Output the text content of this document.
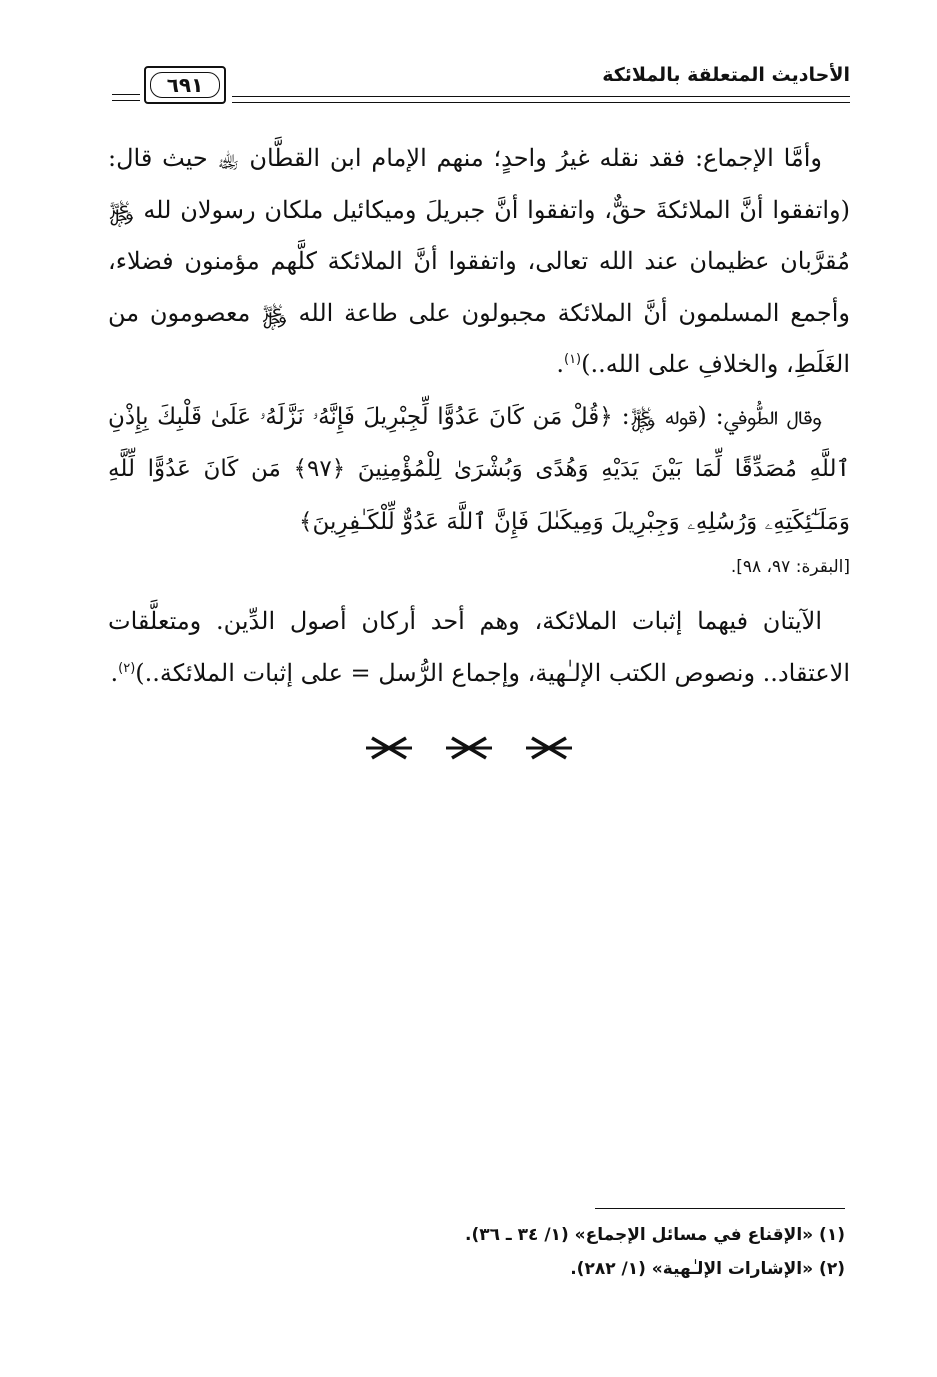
٦٩١	الأحاديث المتعلقة بالملائكة

وأمَّا الإجماع: فقد نقله غيرُ واحدٍ؛ منهم الإمام ابن القطَّان ﵀ حيث قال: (واتفقوا أنَّ الملائكةَ حقٌّ، واتفقوا أنَّ جبريلَ وميكائيل ملكان رسولان لله ﷿ مُقرَّبان عظيمان عند الله تعالى، واتفقوا أنَّ الملائكة كلَّهم مؤمنون فضلاء، وأجمع المسلمون أنَّ الملائكة مجبولون على طاعة الله ﷿ معصومون من الغَلَطِ، والخلافِ على الله..)$^{(١)}$.

وقال الطُّوفي: (قوله ﷿: ﴿قُلْ مَن كَانَ عَدُوًّا لِّجِبْرِيلَ فَإِنَّهُۥ نَزَّلَهُۥ عَلَىٰ قَلْبِكَ بِإِذْنِ ٱللَّهِ مُصَدِّقًا لِّمَا بَيْنَ يَدَيْهِ وَهُدًى وَبُشْرَىٰ لِلْمُؤْمِنِينَ ﴿٩٧﴾ مَن كَانَ عَدُوًّا لِّلَّهِ وَمَلَـٰٓئِكَتِهِۦ وَرُسُلِهِۦ وَجِبْرِيلَ وَمِيكَىٰلَ فَإِنَّ ٱللَّهَ عَدُوٌّ لِّلْكَـٰفِرِينَ﴾
[البقرة: ٩٧، ٩٨].

الآيتان فيهما إثبات الملائكة، وهم أحد أركان أصول الدِّين. ومتعلَّقات الاعتقاد.. ونصوص الكتب الإلـٰهية، وإجماع الرُّسل = على إثبات الملائكة..)$^{(٢)}$.

(١) «الإقناع في مسائل الإجماع» (١/ ٣٤ ـ ٣٦).

(٢) «الإشارات الإلـٰهية» (١/ ٢٨٢).
